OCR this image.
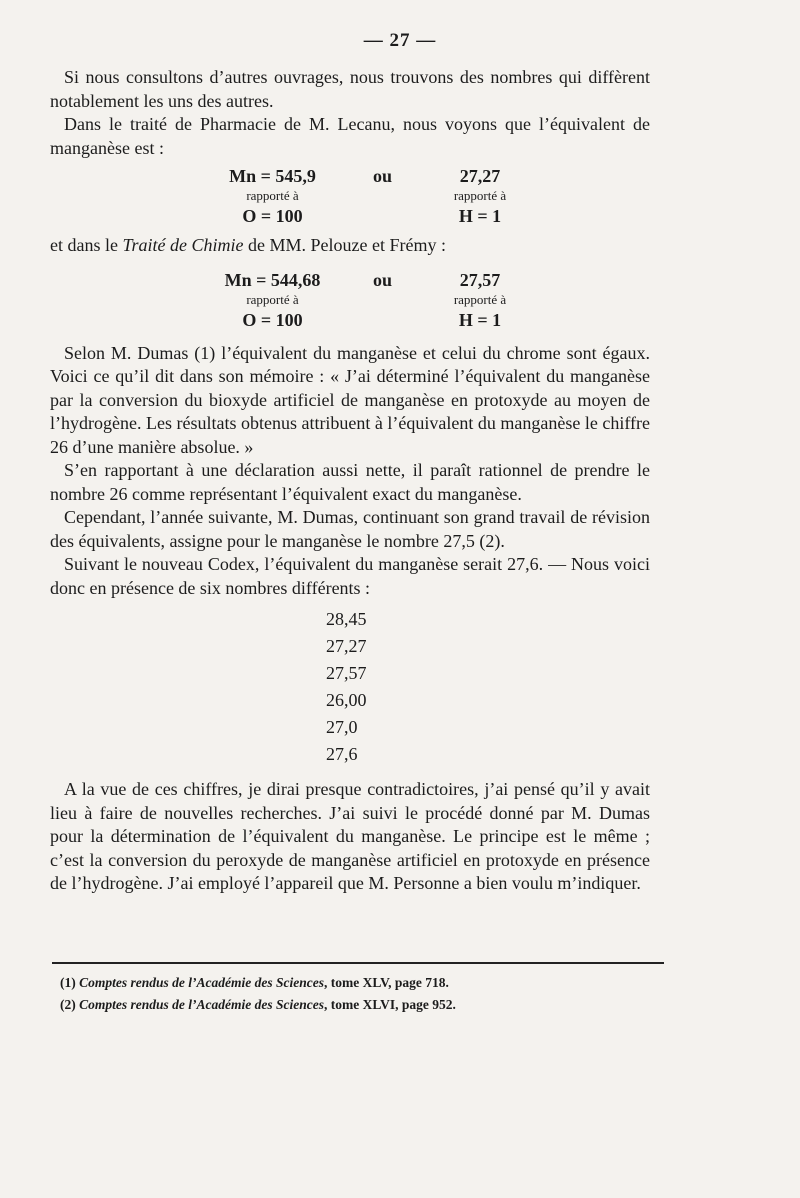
— 27 —

Si nous consultons d’autres ouvrages, nous trouvons des nombres qui diffèrent notablement les uns des autres.

Dans le traité de Pharmacie de M. Lecanu, nous voyons que l’équivalent de manganèse est :

Mn = 545,9
rapporté à
O = 100
ou	27,27
rapporté à
H = 1

et dans le Traité de Chimie de MM. Pelouze et Frémy :

Mn = 544,68
rapporté à
O = 100
ou	27,57
rapporté à
H = 1

Selon M. Dumas (1) l’équivalent du manganèse et celui du chrome sont égaux. Voici ce qu’il dit dans son mémoire : « J’ai déterminé l’équivalent du manganèse par la conversion du bioxyde artificiel de manganèse en protoxyde au moyen de l’hydrogène. Les résultats obtenus attribuent à l’équivalent du manganèse le chiffre 26 d’une manière absolue. »

S’en rapportant à une déclaration aussi nette, il paraît rationnel de prendre le nombre 26 comme représentant l’équivalent exact du manganèse.

Cependant, l’année suivante, M. Dumas, continuant son grand travail de révision des équivalents, assigne pour le manganèse le nombre 27,5 (2).

Suivant le nouveau Codex, l’équivalent du manganèse serait 27,6. — Nous voici donc en présence de six nombres différents :

28,45
27,27
27,57
26,00
27,0
27,6

A la vue de ces chiffres, je dirai presque contradictoires, j’ai pensé qu’il y avait lieu à faire de nouvelles recherches. J’ai suivi le procédé donné par M. Dumas pour la détermination de l’équivalent du manganèse. Le principe est le même ; c’est la conversion du peroxyde de manganèse artificiel en protoxyde en présence de l’hydrogène. J’ai employé l’appareil que M. Personne a bien voulu m’indiquer.

(1) Comptes rendus de l’Académie des Sciences, tome XLV, page 718.
(2) Comptes rendus de l’Académie des Sciences, tome XLVI, page 952.
